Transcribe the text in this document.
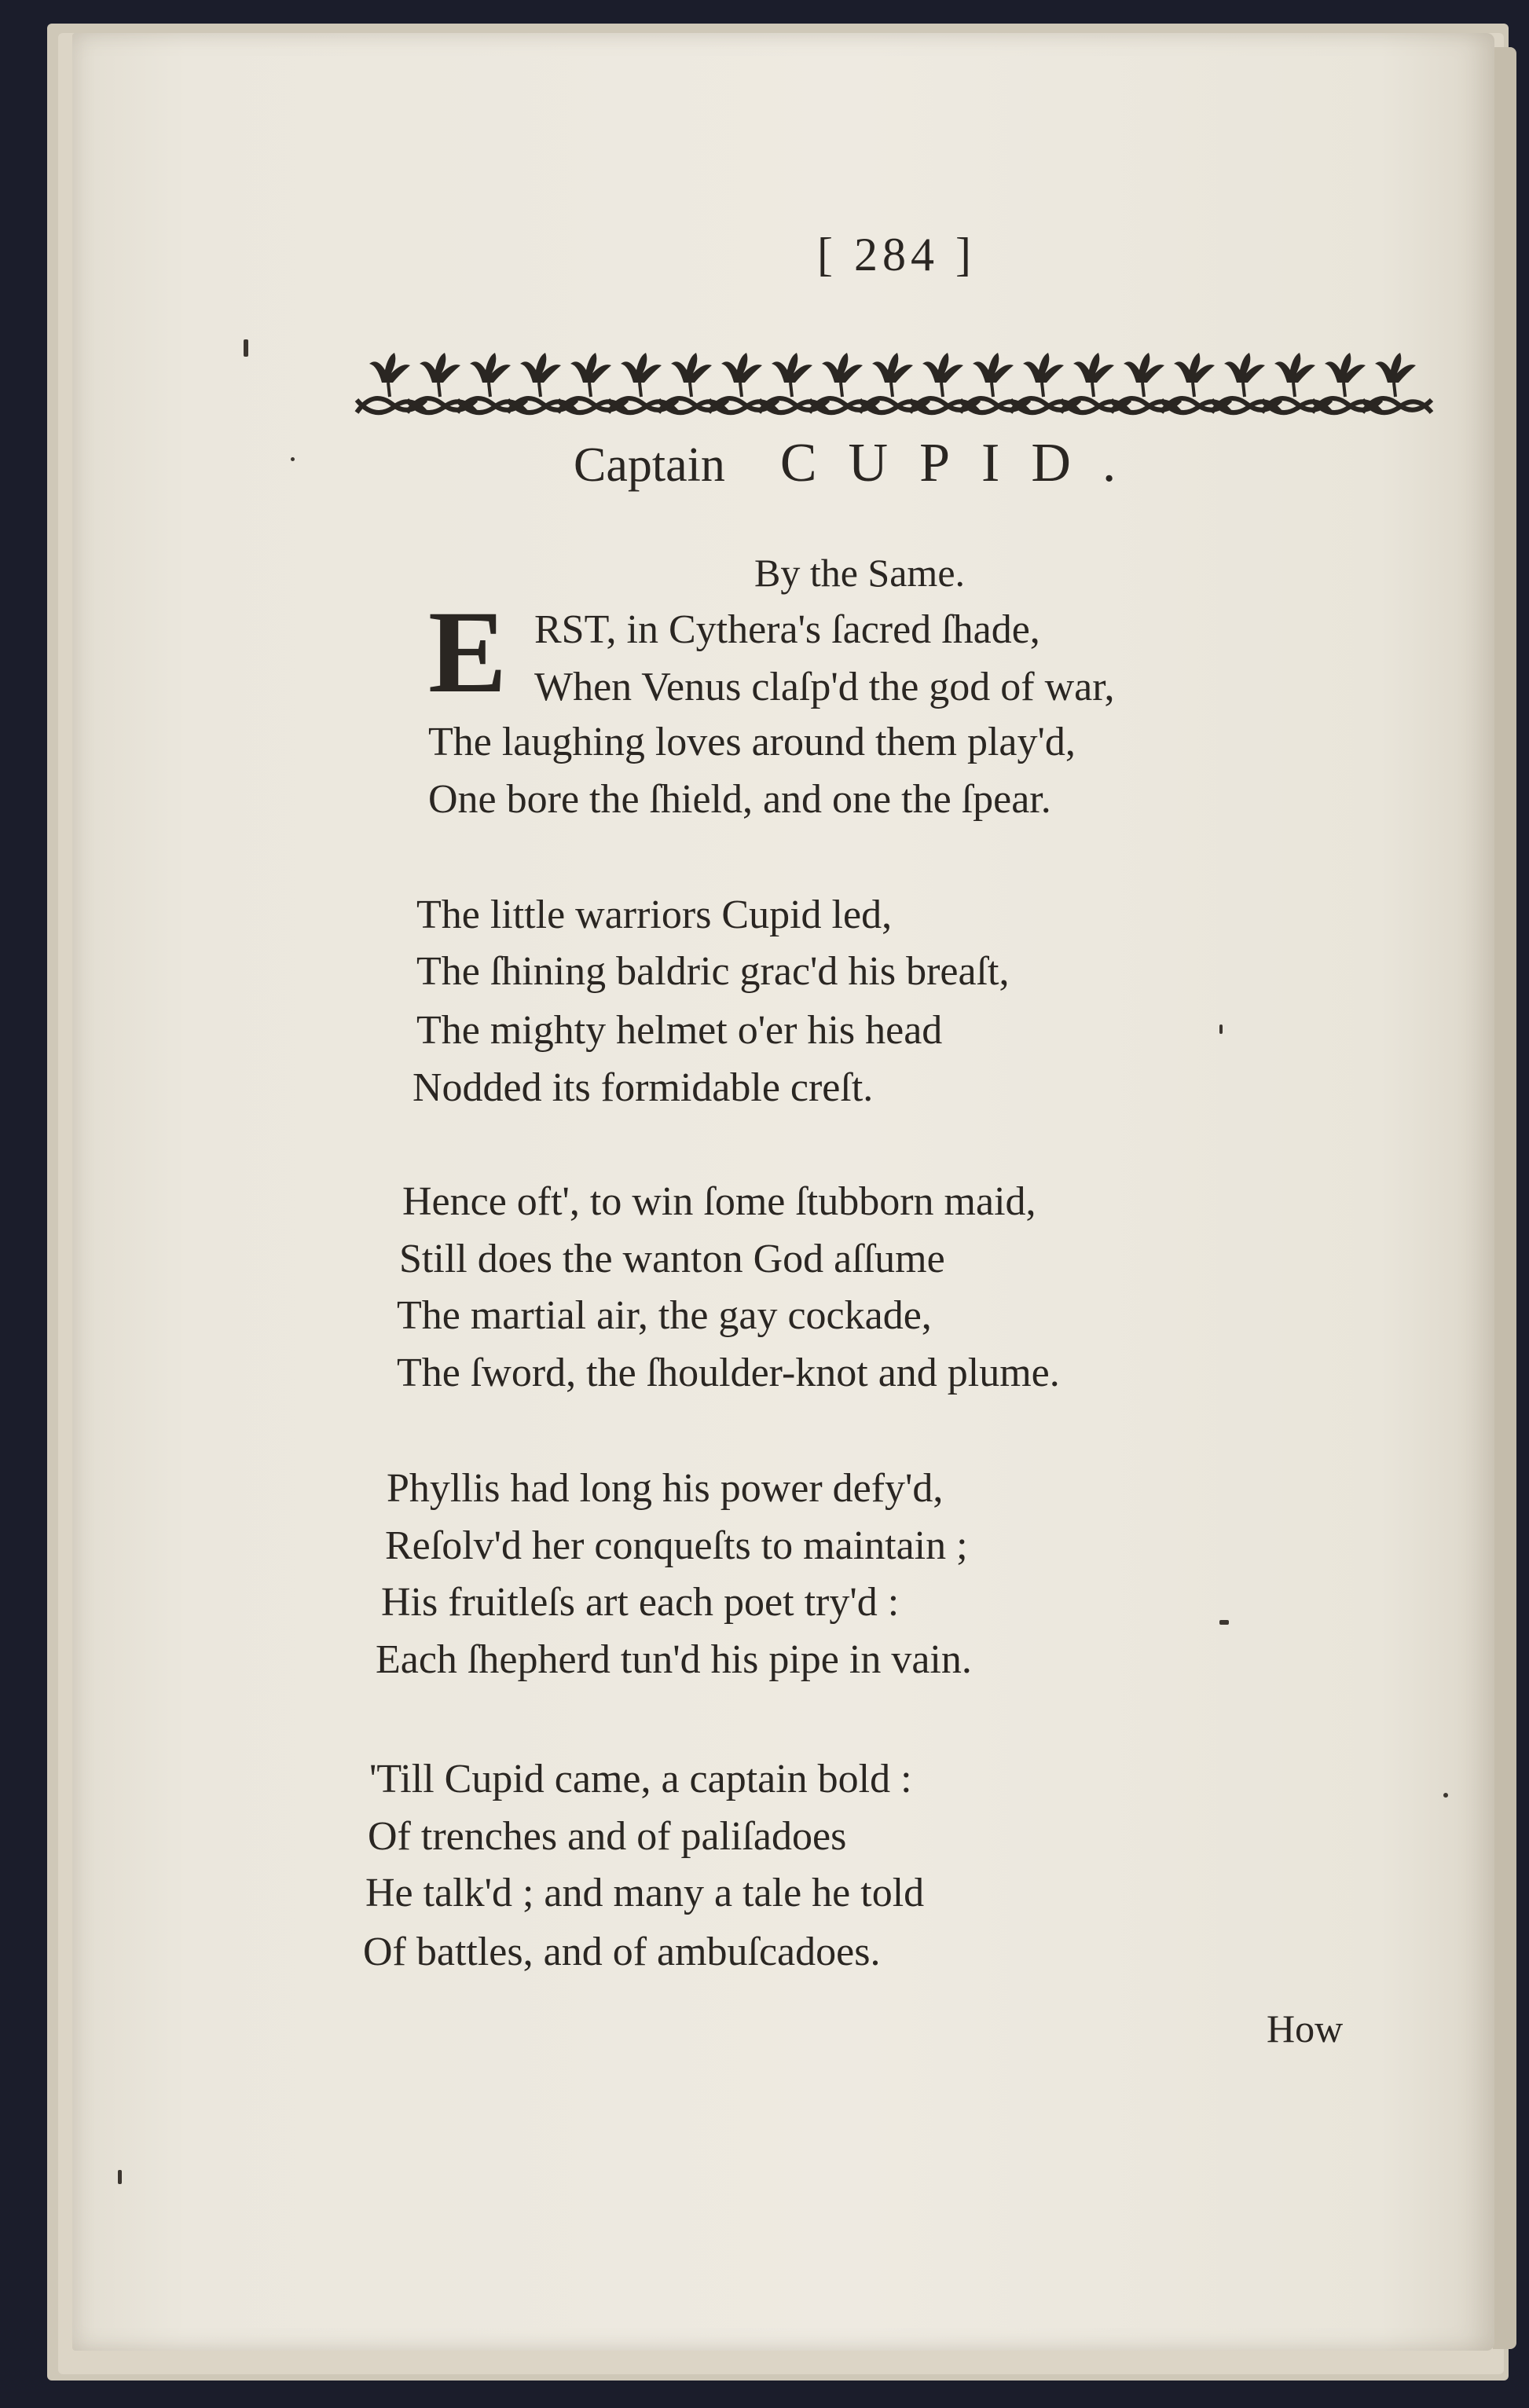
[ 284 ]
Captain CUPID.
By the Same.
E RST, in Cythera's ſacred ſhade,
When Venus claſp'd the god of war,
The laughing loves around them play'd,
One bore the ſhield, and one the ſpear.
The little warriors Cupid led,
The ſhining baldric grac'd his breaſt,
The mighty helmet o'er his head
Nodded its formidable creſt.
Hence oft', to win ſome ſtubborn maid,
Still does the wanton God aſſume
The martial air, the gay cockade,
The ſword, the ſhoulder-knot and plume.
Phyllis had long his power defy'd,
Reſolv'd her conqueſts to maintain ;
His fruitleſs art each poet try'd :
Each ſhepherd tun'd his pipe in vain.
'Till Cupid came, a captain bold :
Of trenches and of paliſadoes
He talk'd ; and many a tale he told
Of battles, and of ambuſcadoes.
How
